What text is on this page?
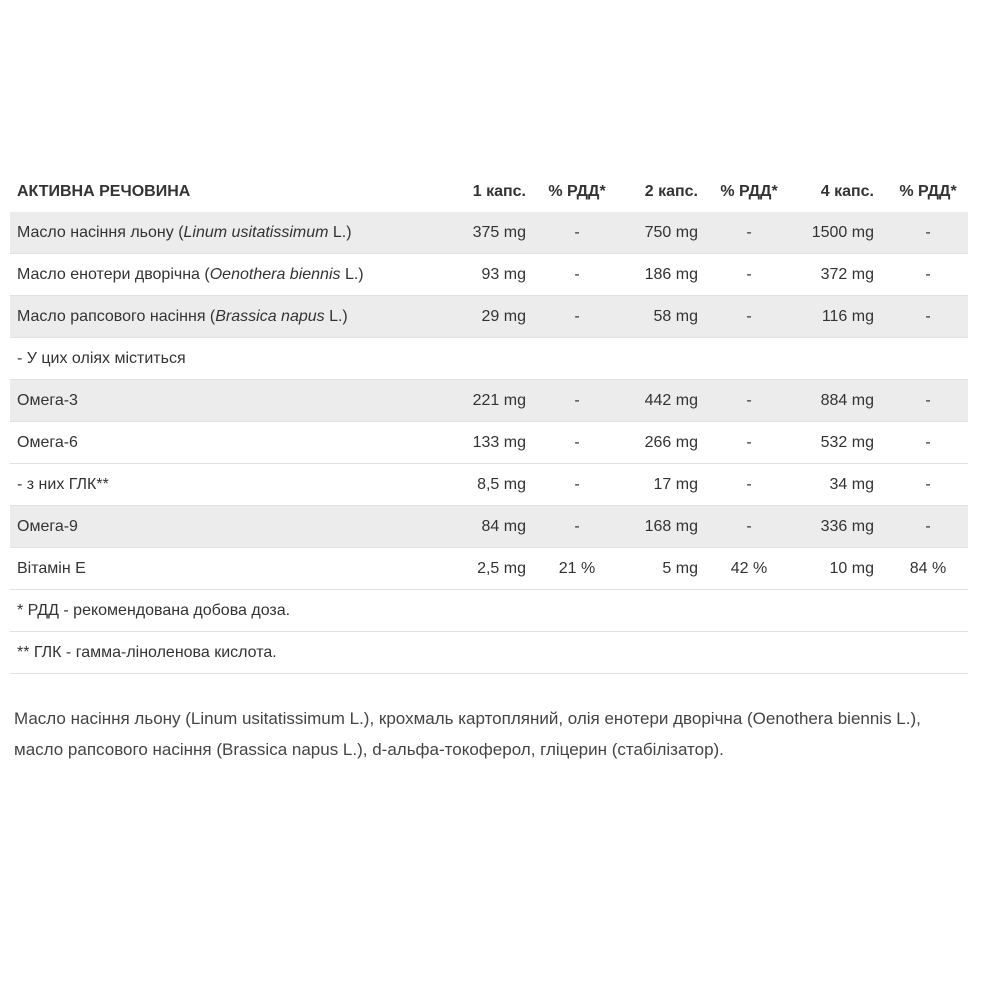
АКТИВНА РЕЧОВИНА	1 капс.	% РДД*	2 капс.	% РДД*	4 капс.	% РДД*
Масло насіння льону (Linum usitatissimum L.)	375 mg	-	750 mg	-	1500 mg	-
Масло енотери дворічна (Oenothera biennis L.)	93 mg	-	186 mg	-	372 mg	-
Масло рапсового насіння (Brassica napus L.)	29 mg	-	58 mg	-	116 mg	-
- У цих оліях міститься						
Омега-3	221 mg	-	442 mg	-	884 mg	-
Омега-6	133 mg	-	266 mg	-	532 mg	-
- з них ГЛК**	8,5 mg	-	17 mg	-	34 mg	-
Омега-9	84 mg	-	168 mg	-	336 mg	-
Вітамін Е	2,5 mg	21 %	5 mg	42 %	10 mg	84 %
* РДД - рекомендована добова доза.						
** ГЛК - гамма-ліноленова кислота.						
Масло насіння льону (Linum usitatissimum L.), крохмаль картопляний, олія енотери дворічна (Oenothera biennis L.), масло рапсового насіння (Brassica napus L.), d-альфа-токоферол, гліцерин (стабілізатор).
